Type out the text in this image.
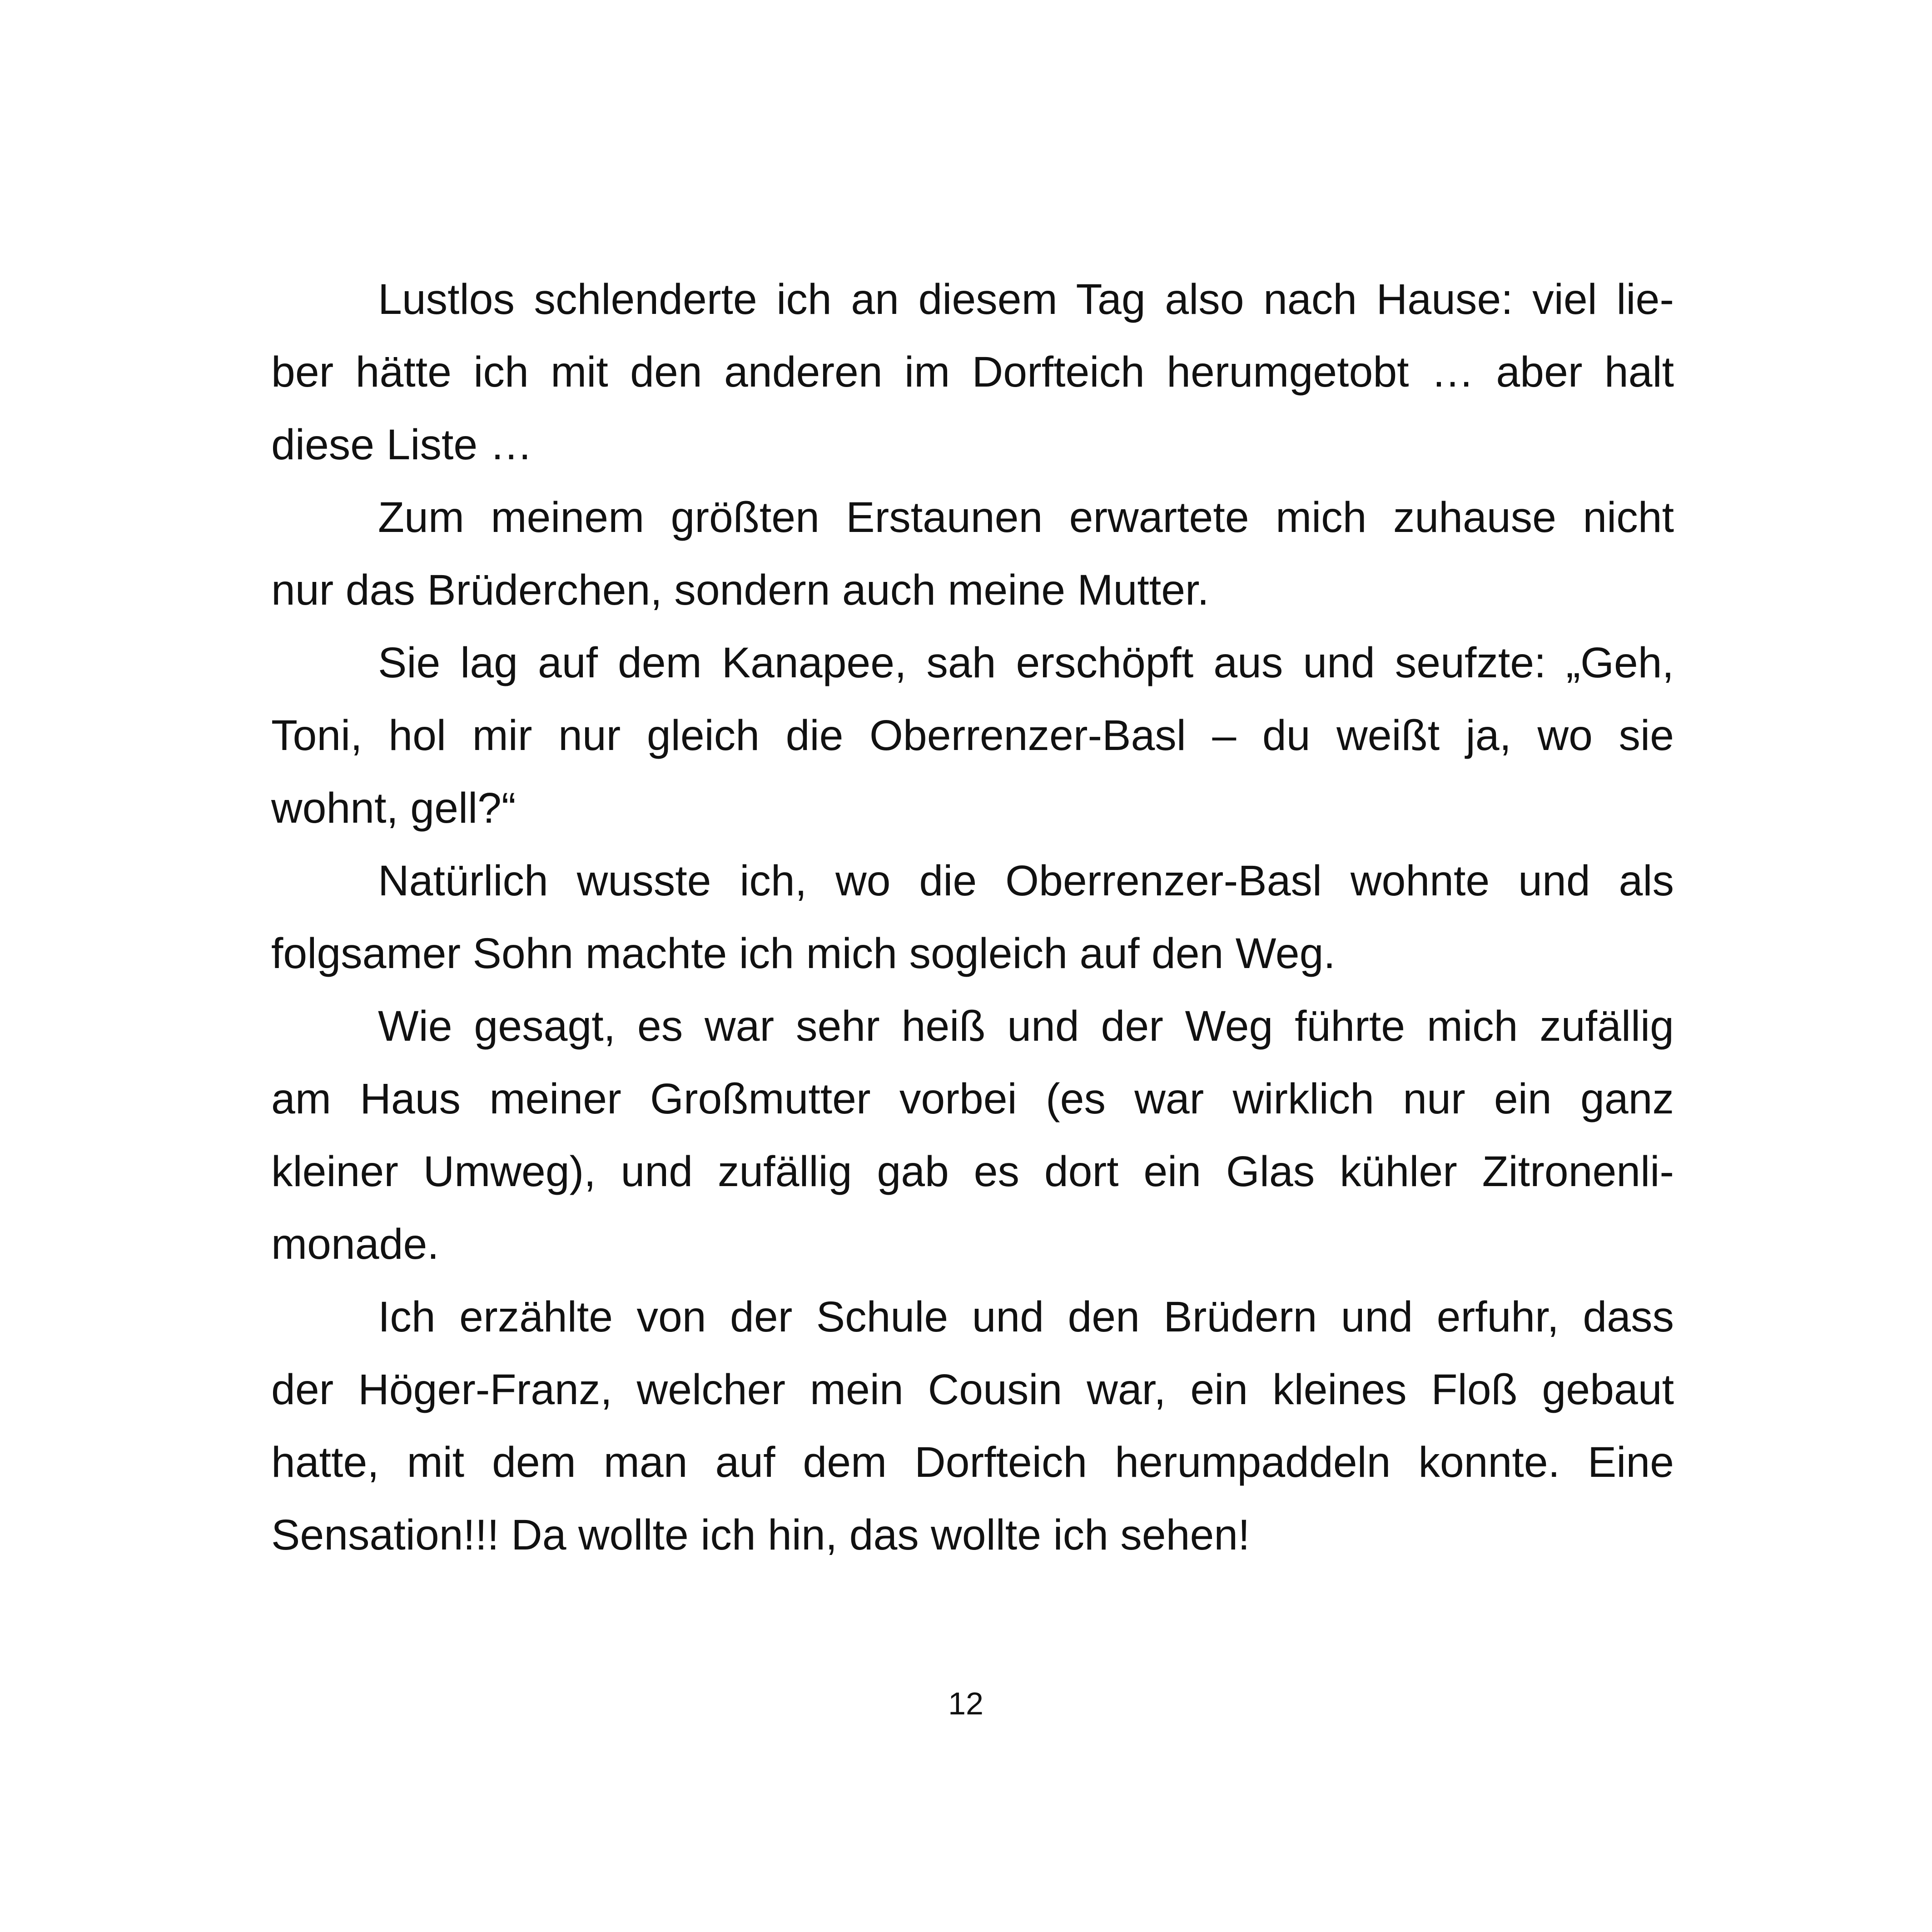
Lustlos schlenderte ich an diesem Tag also nach Hause: viel lie-
ber hätte ich mit den anderen im Dorfteich herumgetobt … aber halt
diese Liste …
Zum meinem größten Erstaunen erwartete mich zuhause nicht
nur das Brüderchen, sondern auch meine Mutter.
Sie lag auf dem Kanapee, sah erschöpft aus und seufzte: „Geh,
Toni, hol mir nur gleich die Oberrenzer-Basl – du weißt ja, wo sie
wohnt, gell?“
Natürlich wusste ich, wo die Oberrenzer-Basl wohnte und als
folgsamer Sohn machte ich mich sogleich auf den Weg.
Wie gesagt, es war sehr heiß und der Weg führte mich zufällig
am Haus meiner Großmutter vorbei (es war wirklich nur ein ganz
kleiner Umweg), und zufällig gab es dort ein Glas kühler Zitronenli-
monade.
Ich erzählte von der Schule und den Brüdern und erfuhr, dass
der Höger-Franz, welcher mein Cousin war, ein kleines Floß gebaut
hatte, mit dem man auf dem Dorfteich herumpaddeln konnte. Eine
Sensation!!! Da wollte ich hin, das wollte ich sehen!
12
